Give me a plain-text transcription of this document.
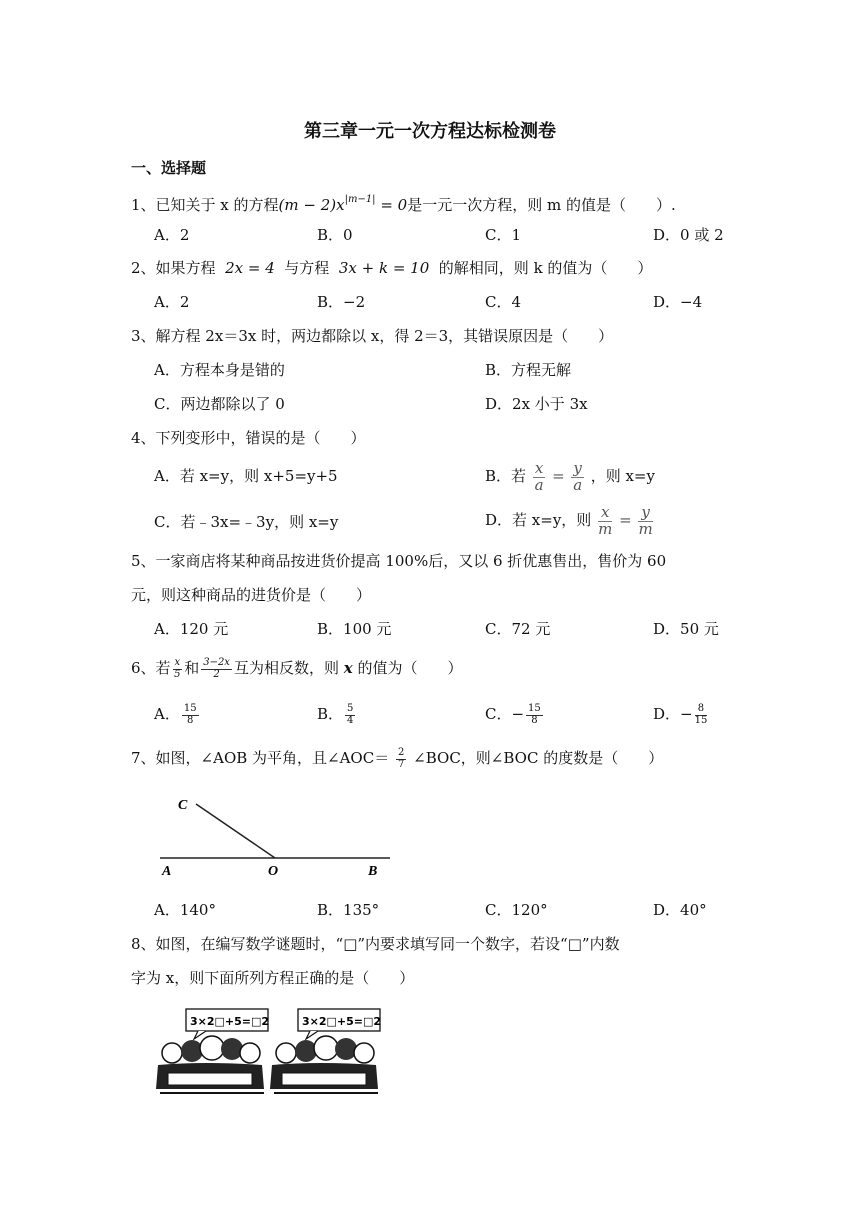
第三章一元一次方程达标检测卷
一、选择题
1、已知关于 x 的方程$(m - 2)x^{|m-1|} = 0$是一元一次方程，则 m 的值是（　　）.
A．2	B．0	C．1	D．0 或 2
2、如果方程 2x = 4 与方程 3x + k = 10 的解相同，则 k 的值为（　　）
A．2	B．−2	C．4	D．−4
3、解方程 2x＝3x 时，两边都除以 x，得 2＝3，其错误原因是（　　）
A．方程本身是错的	B．方程无解
C．两边都除以了 0	D．2x 小于 3x
4、下列变形中，错误的是（　　）
A．若 x=y，则 x+5=y+5	B．若 $\frac{x}{a} = \frac{y}{a}$ ，则 x=y
C．若﹣3x=﹣3y，则 x=y	D．若 x=y，则 $\frac{x}{m} = \frac{y}{m}$
5、一家商店将某种商品按进货价提高 100%后，又以 6 折优惠售出，售价为 60
元，则这种商品的进货价是（　　）
A．120 元	B．100 元	C．72 元	D．50 元
6、若 $\frac{x}{5}$ 和 $\frac{3-2x}{2}$ 互为相反数，则 x 的值为（　　）
A． $\frac{15}{8}$	B． $\frac{5}{4}$	C．− $\frac{15}{8}$	D．− $\frac{8}{15}$
7、如图，∠AOB 为平角，且∠AOC＝ $\frac{2}{7}$ ∠BOC，则∠BOC 的度数是（　　）
C
A	O	B
A．140°	B．135°	C．120°	D．40°
8、如图，在编写数学谜题时，“□”内要求填写同一个数字，若设“□”内数
字为 x，则下面所列方程正确的是（　　）
3×2□+5=□2	3×2□+5=□2
